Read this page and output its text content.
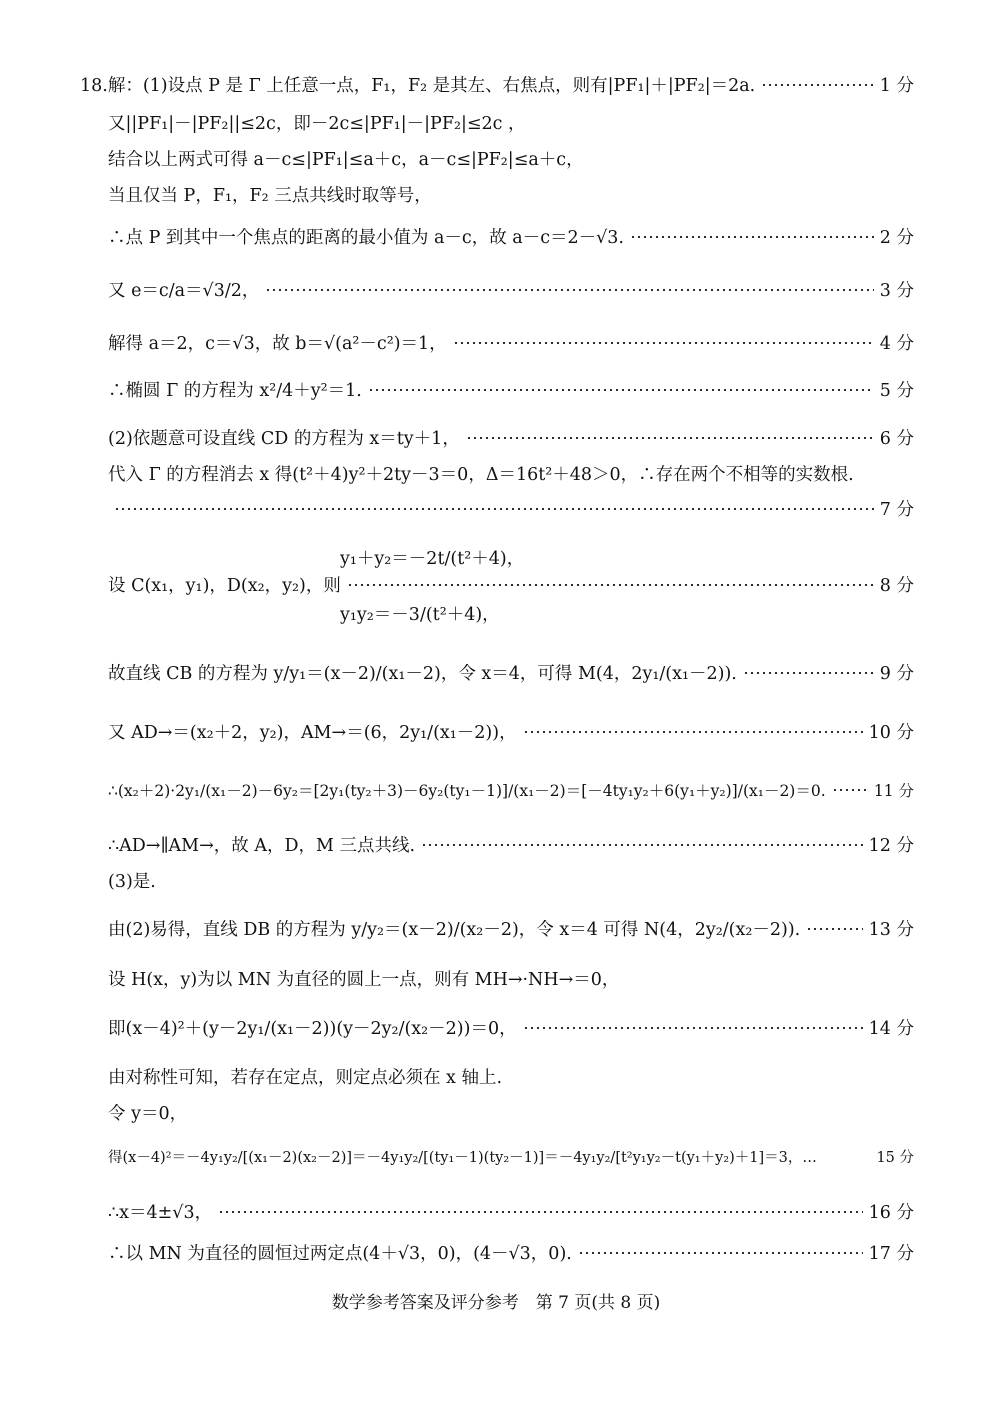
18.解：(1)设点 P 是 Γ 上任意一点，F₁，F₂ 是其左、右焦点，则有|PF₁|＋|PF₂|＝2a.	1 分
又||PF₁|－|PF₂||≤2c，即－2c≤|PF₁|－|PF₂|≤2c ，
结合以上两式可得 a－c≤|PF₁|≤a＋c，a－c≤|PF₂|≤a＋c，
当且仅当 P，F₁，F₂ 三点共线时取等号，
∴点 P 到其中一个焦点的距离的最小值为 a－c，故 a－c＝2－√3.	2 分
又 e＝c/a＝√3/2，	3 分
解得 a＝2，c＝√3，故 b＝√(a²－c²)＝1，	4 分
∴椭圆 Γ 的方程为 x²/4＋y²＝1.	5 分
(2)依题意可设直线 CD 的方程为 x＝ty＋1，	6 分
代入 Γ 的方程消去 x 得(t²＋4)y²＋2ty－3＝0，Δ＝16t²＋48＞0，∴存在两个不相等的实数根.
7 分
y₁＋y₂＝－2t/(t²＋4)，
设 C(x₁，y₁)，D(x₂，y₂)，则	8 分
y₁y₂＝－3/(t²＋4)，
故直线 CB 的方程为 y/y₁＝(x－2)/(x₁－2)，令 x＝4，可得 M(4，2y₁/(x₁－2)).	9 分
又 AD→＝(x₂＋2，y₂)，AM→＝(6，2y₁/(x₁－2))，	10 分
∴(x₂＋2)·2y₁/(x₁－2)－6y₂＝[2y₁(ty₂＋3)－6y₂(ty₁－1)]/(x₁－2)＝[－4ty₁y₂＋6(y₁＋y₂)]/(x₁－2)＝0.	11 分
∴AD→∥AM→，故 A，D，M 三点共线.	12 分
(3)是.
由(2)易得，直线 DB 的方程为 y/y₂＝(x－2)/(x₂－2)，令 x＝4 可得 N(4，2y₂/(x₂－2)).	13 分
设 H(x，y)为以 MN 为直径的圆上一点，则有 MH→·NH→＝0，
即(x－4)²＋(y－2y₁/(x₁－2))(y－2y₂/(x₂－2))＝0，	14 分
由对称性可知，若存在定点，则定点必须在 x 轴上.
令 y＝0，
得(x－4)²＝－4y₁y₂/[(x₁－2)(x₂－2)]＝－4y₁y₂/[(ty₁－1)(ty₂－1)]＝－4y₁y₂/[t²y₁y₂－t(y₁＋y₂)＋1]＝3，…	15 分
∴x＝4±√3，	16 分
∴以 MN 为直径的圆恒过两定点(4＋√3，0)，(4－√3，0).	17 分
数学参考答案及评分参考　第 7 页(共 8 页)
